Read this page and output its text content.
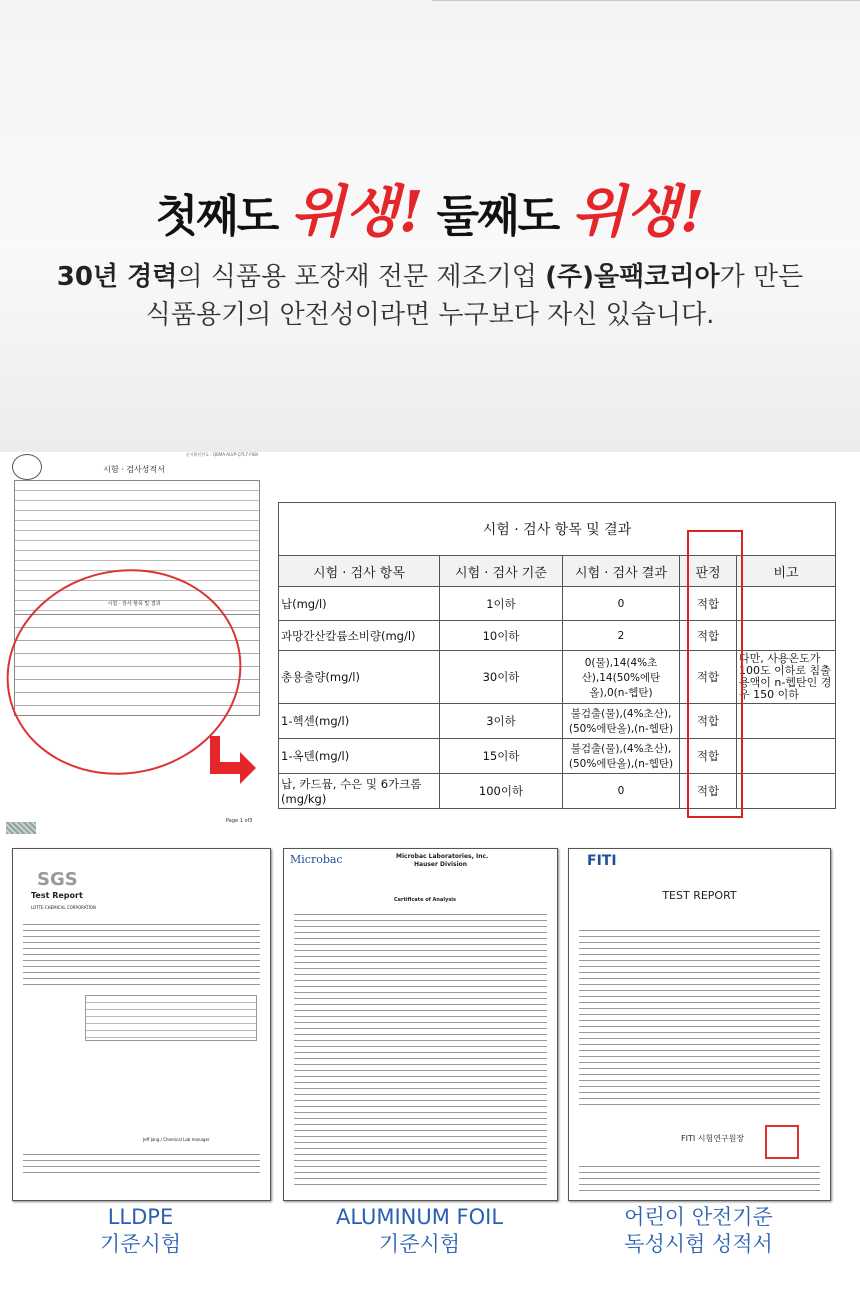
첫째도 위생! 둘째도 위생!
30년 경력의 식품용 포장재 전문 제조기업 (주)올팩코리아가 만든
식품용기의 안전성이라면 누구보다 자신 있습니다.
문서확인번호 : QBMA-ALVP-Q7L7-F68I
시험 · 검사성적서
시험 · 검사 항목 및 결과
Page 1 of3
시험 · 검사 항목 및 결과				
시험 · 검사 항목	시험 · 검사 기준	시험 · 검사 결과	판정	비고
납(mg/l)	1이하	0	적합	
과망간산칼륨소비량(mg/l)	10이하	2	적합	
총용출량(mg/l)	30이하	0(물),14(4%초산),14(50%에탄올),0(n-헵탄)	적합	다만, 사용온도가 100도 이하로 침출용액이 n-헵탄인 경우 150 이하
1-헥센(mg/l)	3이하	불검출(물),(4%초산),(50%에탄올),(n-헵탄)	적합	
1-옥텐(mg/l)	15이하	불검출(물),(4%초산),(50%에탄올),(n-헵탄)	적합	
납, 카드뮴, 수은 및 6가크롬(mg/kg)	100이하	0	적합	
SGS
Test Report
LOTTE CHEMICAL CORPORATION
Jeff Jang / Chemical Lab manager
Microbac	Microbac Laboratories, Inc.
Hauser Division
Certificate of Analysis
FITI
TEST REPORT
FITI 시험연구원장
LLDPE
기준시험
ALUMINUM FOIL
기준시험
어린이 안전기준
독성시험 성적서
